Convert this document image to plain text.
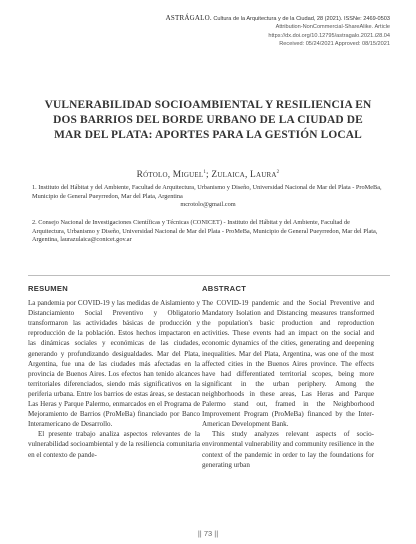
ASTRÁGALO. Cultura de la Arquitectura y de la Ciudad, 28 (2021). ISSNe: 2469-0503
Attribution-NonCommercial-ShareAlike. Article
https://dx.doi.org/10.12795/astragalo.2021.i28.04
Received: 05/24/2021 Approved: 08/15/2021
VULNERABILIDAD SOCIOAMBIENTAL Y RESILIENCIA EN DOS BARRIOS DEL BORDE URBANO DE LA CIUDAD DE MAR DEL PLATA: APORTES PARA LA GESTIÓN LOCAL
Rótolo, Miguel$^1$; Zulaica, Laura$^2$
1. Instituto del Hábitat y del Ambiente, Facultad de Arquitectura, Urbanismo y Diseño, Universidad Nacional de Mar del Plata - ProMeBa, Municipio de General Pueyrredon, Mar del Plata, Argentina
mcrotolo@gmail.com
2. Consejo Nacional de Investigaciones Científicas y Técnicas (CONICET) - Instituto del Hábitat y del Ambiente, Facultad de Arquitectura, Urbanismo y Diseño, Universidad Nacional de Mar del Plata - ProMeBa, Municipio de General Pueyrredon, Mar del Plata, Argentina, laurazulaica@conicet.gov.ar
RESUMEN

La pandemia por COVID-19 y las medidas de Aislamiento y Distanciamiento Social Preventivo y Obligatorio transformaron las actividades básicas de producción y reproducción de la población. Estos hechos impactaron en las dinámicas sociales y económicas de las ciudades, generando y profundizando desigualdades. Mar del Plata, Argentina, fue una de las ciudades más afectadas en la provincia de Buenos Aires. Los efectos han tenido alcances territoriales diferenciados, siendo más significativos en la periferia urbana. Entre los barrios de estas áreas, se destacan Las Heras y Parque Palermo, enmarcados en el Programa de Mejoramiento de Barrios (ProMeBa) financiado por Banco Interamericano de Desarrollo.

El presente trabajo analiza aspectos relevantes de la vulnerabilidad socioambiental y de la resiliencia comunitaria en el contexto de pande-

ABSTRACT

The COVID-19 pandemic and the Social Preventive and Mandatory Isolation and Distancing measures transformed the population's basic production and reproduction activities. These events had an impact on the social and economic dynamics of the cities, generating and deepening inequalities. Mar del Plata, Argentina, was one of the most affected cities in the Buenos Aires province. The effects have had differentiated territorial scopes, being more significant in the urban periphery. Among the neighborhoods in these areas, Las Heras and Parque Palermo stand out, framed in the Neighborhood Improvement Program (ProMeBa) financed by the Inter-American Development Bank.

This study analyzes relevant aspects of socio-environmental vulnerability and community resilience in the context of the pandemic in order to lay the foundations for generating urban

|| 73 ||
